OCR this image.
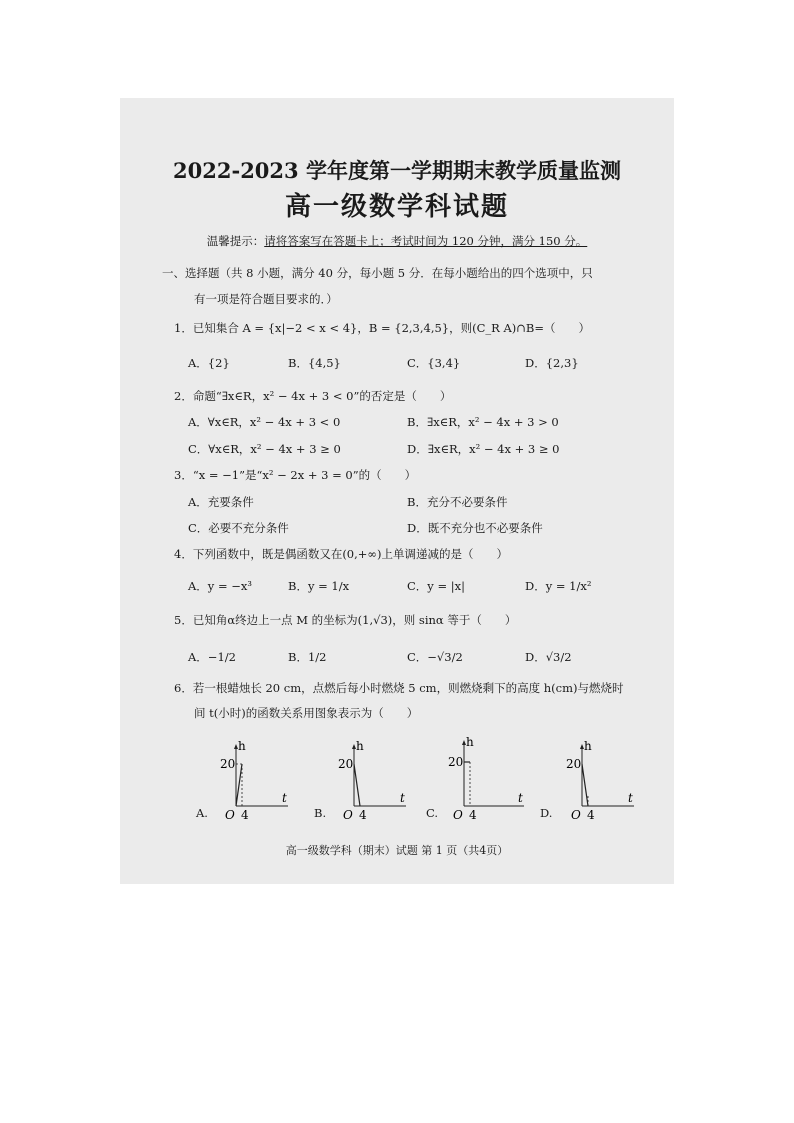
2022-2023 学年度第一学期期末教学质量监测
高一级数学科试题
温馨提示：请将答案写在答题卡上；考试时间为 120 分钟，满分 150 分。
一、选择题（共 8 小题，满分 40 分，每小题 5 分．在每小题给出的四个选项中，只
有一项是符合题目要求的．）
1．已知集合 A = {x|−2 < x < 4}，B = {2,3,4,5}，则(C_R A)∩B=（　　）
A．{2}	B．{4,5}	C．{3,4}	D．{2,3}
2．命题“∃x∈R，x² − 4x + 3 < 0”的否定是（　　）
A．∀x∈R，x² − 4x + 3 < 0	B．∃x∈R，x² − 4x + 3 > 0
C．∀x∈R，x² − 4x + 3 ≥ 0	D．∃x∈R，x² − 4x + 3 ≥ 0
3．“x = −1”是“x² − 2x + 3 = 0”的（　　）
A．充要条件	B．充分不必要条件
C．必要不充分条件	D．既不充分也不必要条件
4．下列函数中，既是偶函数又在(0,+∞)上单调递减的是（　　）
A．y = −x³	B．y = 1/x	C．y = |x|	D．y = 1/x²
5．已知角α终边上一点 M 的坐标为(1,√3)，则 sinα 等于（　　）
A．−1/2	B．1/2	C．−√3/2	D．√3/2
6．若一根蜡烛长 20 cm，点燃后每小时燃烧 5 cm，则燃烧剩下的高度 h(cm)与燃烧时
间 t(小时)的函数关系用图象表示为（　　）
h
20
O 4
t
A.
h
20
O 4
t
B.
h
20
O 4
t
C.
h
20
O 4
t
D.
高一级数学科（期末）试题 第 1 页（共4页）
